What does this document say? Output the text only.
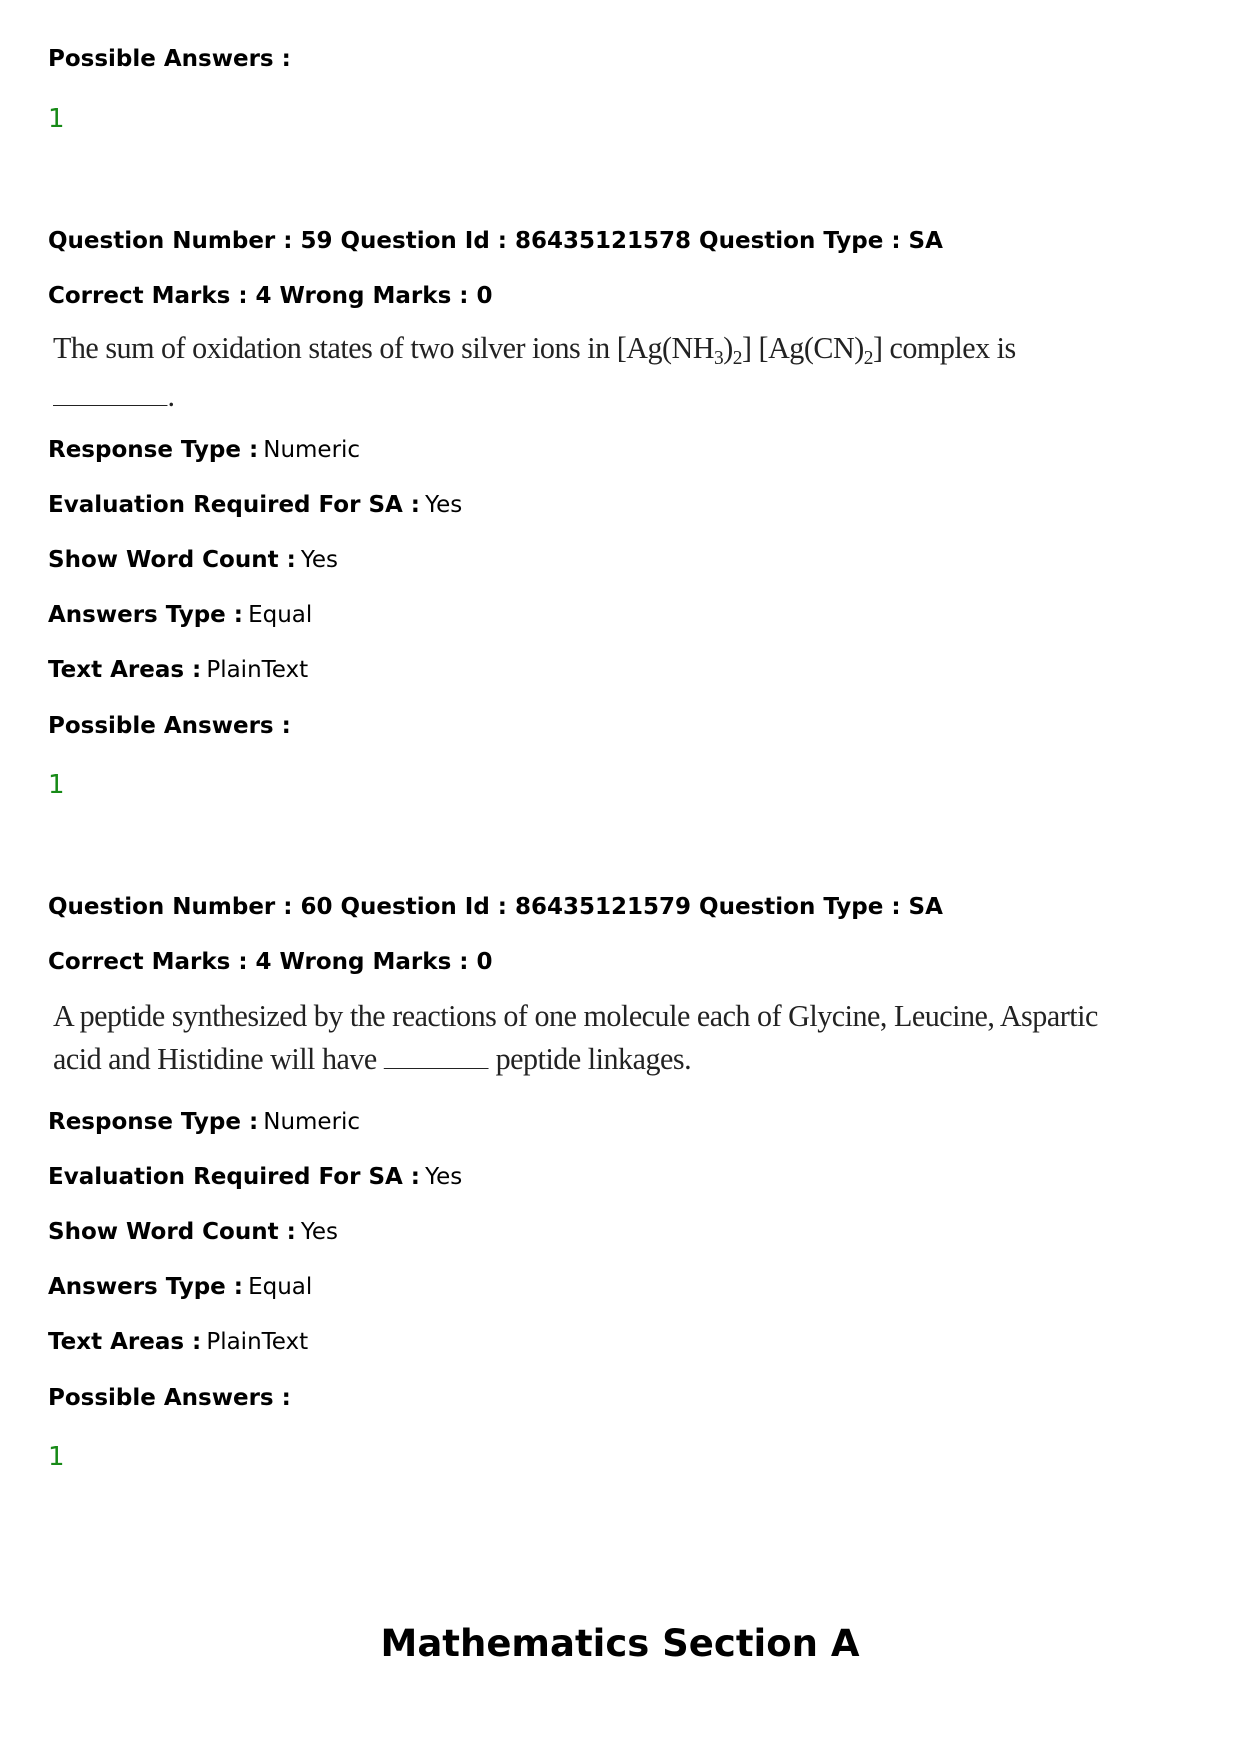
Possible Answers :
1
Question Number : 59 Question Id : 86435121578 Question Type : SA
Correct Marks : 4 Wrong Marks : 0
The sum of oxidation states of two silver ions in $[Ag(NH_3)_2]$ $[Ag(CN)_2]$ complex is
.
Response Type : Numeric
Evaluation Required For SA : Yes
Show Word Count : Yes
Answers Type : Equal
Text Areas : PlainText
Possible Answers :
1
Question Number : 60 Question Id : 86435121579 Question Type : SA
Correct Marks : 4 Wrong Marks : 0
A peptide synthesized by the reactions of one molecule each of Glycine, Leucine, Aspartic
acid and Histidine will have	peptide linkages.
Response Type : Numeric
Evaluation Required For SA : Yes
Show Word Count : Yes
Answers Type : Equal
Text Areas : PlainText
Possible Answers :
1
Mathematics Section A
